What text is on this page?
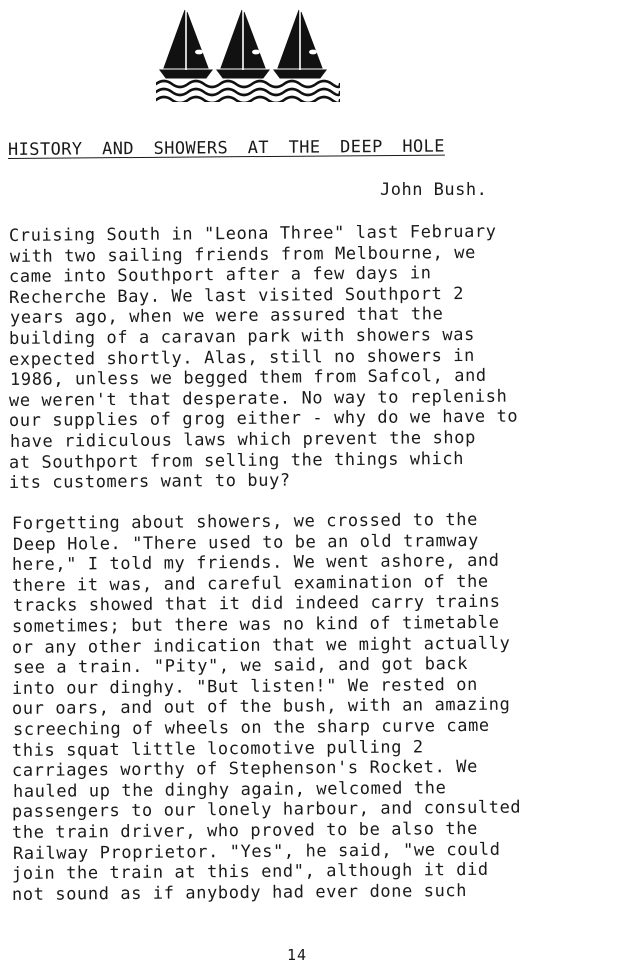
HISTORY AND SHOWERS AT THE DEEP HOLE
John Bush.
Cruising South in "Leona Three" last February
with two sailing friends from Melbourne, we
came into Southport after a few days in
Recherche Bay. We last visited Southport 2
years ago, when we were assured that the
building of a caravan park with showers was
expected shortly. Alas, still no showers in
1986, unless we begged them from Safcol, and
we weren't that desperate. No way to replenish
our supplies of grog either - why do we have to
have ridiculous laws which prevent the shop
at Southport from selling the things which
its customers want to buy?
Forgetting about showers, we crossed to the
Deep Hole. "There used to be an old tramway
here," I told my friends. We went ashore, and
there it was, and careful examination of the
tracks showed that it did indeed carry trains
sometimes; but there was no kind of timetable
or any other indication that we might actually
see a train. "Pity", we said, and got back
into our dinghy. "But listen!" We rested on
our oars, and out of the bush, with an amazing
screeching of wheels on the sharp curve came
this squat little locomotive pulling 2
carriages worthy of Stephenson's Rocket. We
hauled up the dinghy again, welcomed the
passengers to our lonely harbour, and consulted
the train driver, who proved to be also the
Railway Proprietor. "Yes", he said, "we could
join the train at this end", although it did
not sound as if anybody had ever done such
14
